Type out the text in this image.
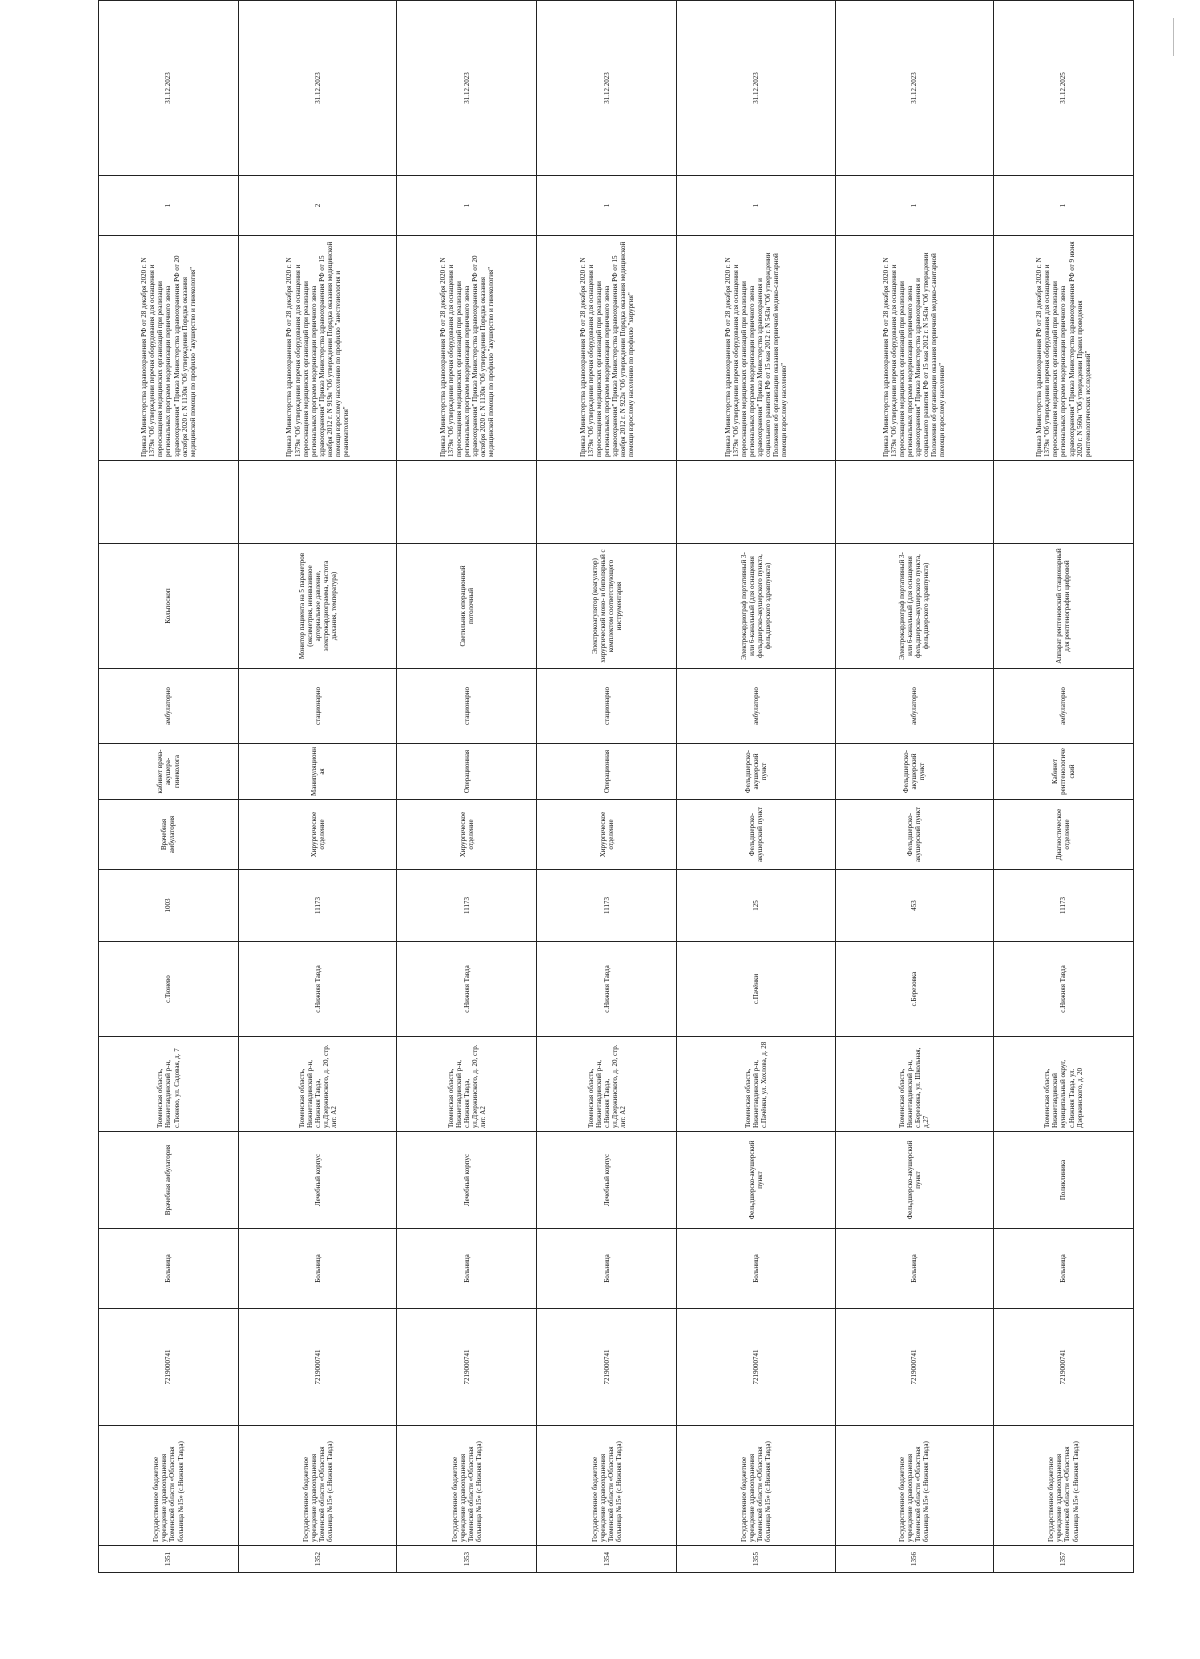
1351	Государственное бюджетное учреждение здравоохранения Тюменской области «Областная больница №15» (с.Нижняя Тавда)	7219000741	Больница	Врачебная амбулатория	Тюменская область, Нижнетавдинский р-н, с.Тюнево, ул. Садовая, д. 7	с.Тюнево	1003	Врачебная амбулатория	кабинет врача-акушера-гинеколога	амбулаторно	Кольпоскоп		Приказ Министерства здравоохранения РФ от 28 декабря 2020 г. N 1379н "Об утверждении перечня оборудования для оснащения и переоснащения медицинских организаций при реализации региональных программ модернизации первичного звена здравоохранения" Приказ Министерства здравоохранения РФ от 20 октября 2020 г. N 1130н "Об утверждении Порядка оказания медицинской помощи по профилю "акушерство и гинекология"	1	31.12.2023
1352	Государственное бюджетное учреждение здравоохранения Тюменской области «Областная больница №15» (с.Нижняя Тавда)	7219000741	Больница	Лечебный корпус	Тюменская область, Нижнетавдинский р-н, с.Нижняя Тавда, ул.Дзержинского, д. 20, стр. лит. А2	с.Нижняя Тавда	11173	Хирургическое отделение	Манипуляционная	стационарно	Монитор пациента на 5 параметров (оксиметрия, неинвазивное артериальное давление, электрокардиограмма, частота дыхания, температура)		Приказ Министерства здравоохранения РФ от 28 декабря 2020 г. N 1379н "Об утверждении перечня оборудования для оснащения и переоснащения медицинских организаций при реализации региональных программ модернизации первичного звена здравоохранения" Приказ Министерства здравоохранения РФ от 15 ноября 2012 г. N 919н "Об утверждении Порядка оказания медицинской помощи взрослому населению по профилю "анестезиология и реаниматология"	2	31.12.2023
1353	Государственное бюджетное учреждение здравоохранения Тюменской области «Областная больница №15» (с.Нижняя Тавда)	7219000741	Больница	Лечебный корпус	Тюменская область, Нижнетавдинский р-н, с.Нижняя Тавда, ул.Дзержинского, д. 20, стр. лит. А2	с.Нижняя Тавда	11173	Хирургическое отделение	Операционная	стационарно	Светильник операционный потолочный		Приказ Министерства здравоохранения РФ от 28 декабря 2020 г. N 1379н "Об утверждении перечня оборудования для оснащения и переоснащения медицинских организаций при реализации региональных программ модернизации первичного звена здравоохранения" Приказ Министерства здравоохранения РФ от 20 октября 2020 г. N 1130н "Об утверждении Порядка оказания медицинской помощи по профилю "акушерство и гинекология"	1	31.12.2023
1354	Государственное бюджетное учреждение здравоохранения Тюменской области «Областная больница №15» (с.Нижняя Тавда)	7219000741	Больница	Лечебный корпус	Тюменская область, Нижнетавдинский р-н, с.Нижняя Тавда, ул.Дзержинского, д. 20, стр. лит. А2	с.Нижняя Тавда	11173	Хирургическое отделение	Операционная	стационарно	Электрокоагулятор (коагулятор) хирургический моно- и биполярный с комплектом соответствующего инструментария		Приказ Министерства здравоохранения РФ от 28 декабря 2020 г. N 1379н "Об утверждении перечня оборудования для оснащения и переоснащения медицинских организаций при реализации региональных программ модернизации первичного звена здравоохранения" Приказ Министерства здравоохранения РФ от 15 ноября 2012 г. N 922н "Об утверждении Порядка оказания медицинской помощи взрослому населению по профилю "хирургия"	1	31.12.2023
1355	Государственное бюджетное учреждение здравоохранения Тюменской области «Областная больница №15» (с.Нижняя Тавда)	7219000741	Больница	Фельдшерско-акушерский пункт	Тюменская область, Нижнетавдинский р-н, с.Пачёнки, ул. Хохлова, д. 28	с.Пачёнки	125	Фельдшерско-акушерский пункт	Фельдшерско-акушерский пункт	амбулаторно	Электрокардиограф портативный 3- или 6-канальный (для оснащения фельдшерско-акушерского пункта, фельдшерского здравпункта)		Приказ Министерства здравоохранения РФ от 28 декабря 2020 г. N 1379н "Об утверждении перечня оборудования для оснащения и переоснащения медицинских организаций при реализации региональных программ модернизации первичного звена здравоохранения" Приказ Министерства здравоохранения и социального развития РФ от 15 мая 2012 г. N 543н "Об утверждении Положения об организации оказания первичной медико-санитарной помощи взрослому населению"	1	31.12.2023
1356	Государственное бюджетное учреждение здравоохранения Тюменской области «Областная больница №15» (с.Нижняя Тавда)	7219000741	Больница	Фельдшерско-акушерский пункт	Тюменская область, Нижнетавдинский р-н, с.Березовка, ул. Школьная, д.27	с.Березовка	453	Фельдшерско-акушерский пункт	Фельдшерско-акушерский пункт	амбулаторно	Электрокардиограф портативный 3- или 6-канальный (для оснащения фельдшерско-акушерского пункта, фельдшерского здравпункта)		Приказ Министерства здравоохранения РФ от 28 декабря 2020 г. N 1379н "Об утверждении перечня оборудования для оснащения и переоснащения медицинских организаций при реализации региональных программ модернизации первичного звена здравоохранения" Приказ Министерства здравоохранения и социального развития РФ от 15 мая 2012 г. N 543н "Об утверждении Положения об организации оказания первичной медико-санитарной помощи взрослому населению"	1	31.12.2023
1357	Государственное бюджетное учреждение здравоохранения Тюменской области «Областная больница №15» (с.Нижняя Тавда)	7219000741	Больница	Поликлиника	Тюменская область, Нижнетавдинский муниципальный округ, с.Нижняя Тавда, ул. Дзержинского, д. 20	с.Нижняя Тавда	11173	Диагностическое отделение	Кабинет рентгенологический	амбулаторно	Аппарат рентгеновский стационарный для рентгенографии цифровой		Приказ Министерства здравоохранения РФ от 28 декабря 2020 г. N 1379н "Об утверждении перечня оборудования для оснащения и переоснащения медицинских организаций при реализации региональных программ модернизации первичного звена здравоохранения" Приказ Министерства здравоохранения РФ от 9 июня 2020 г. N 560н "Об утверждении Правил проведения рентгенологических исследований"	1	31.12.2025
